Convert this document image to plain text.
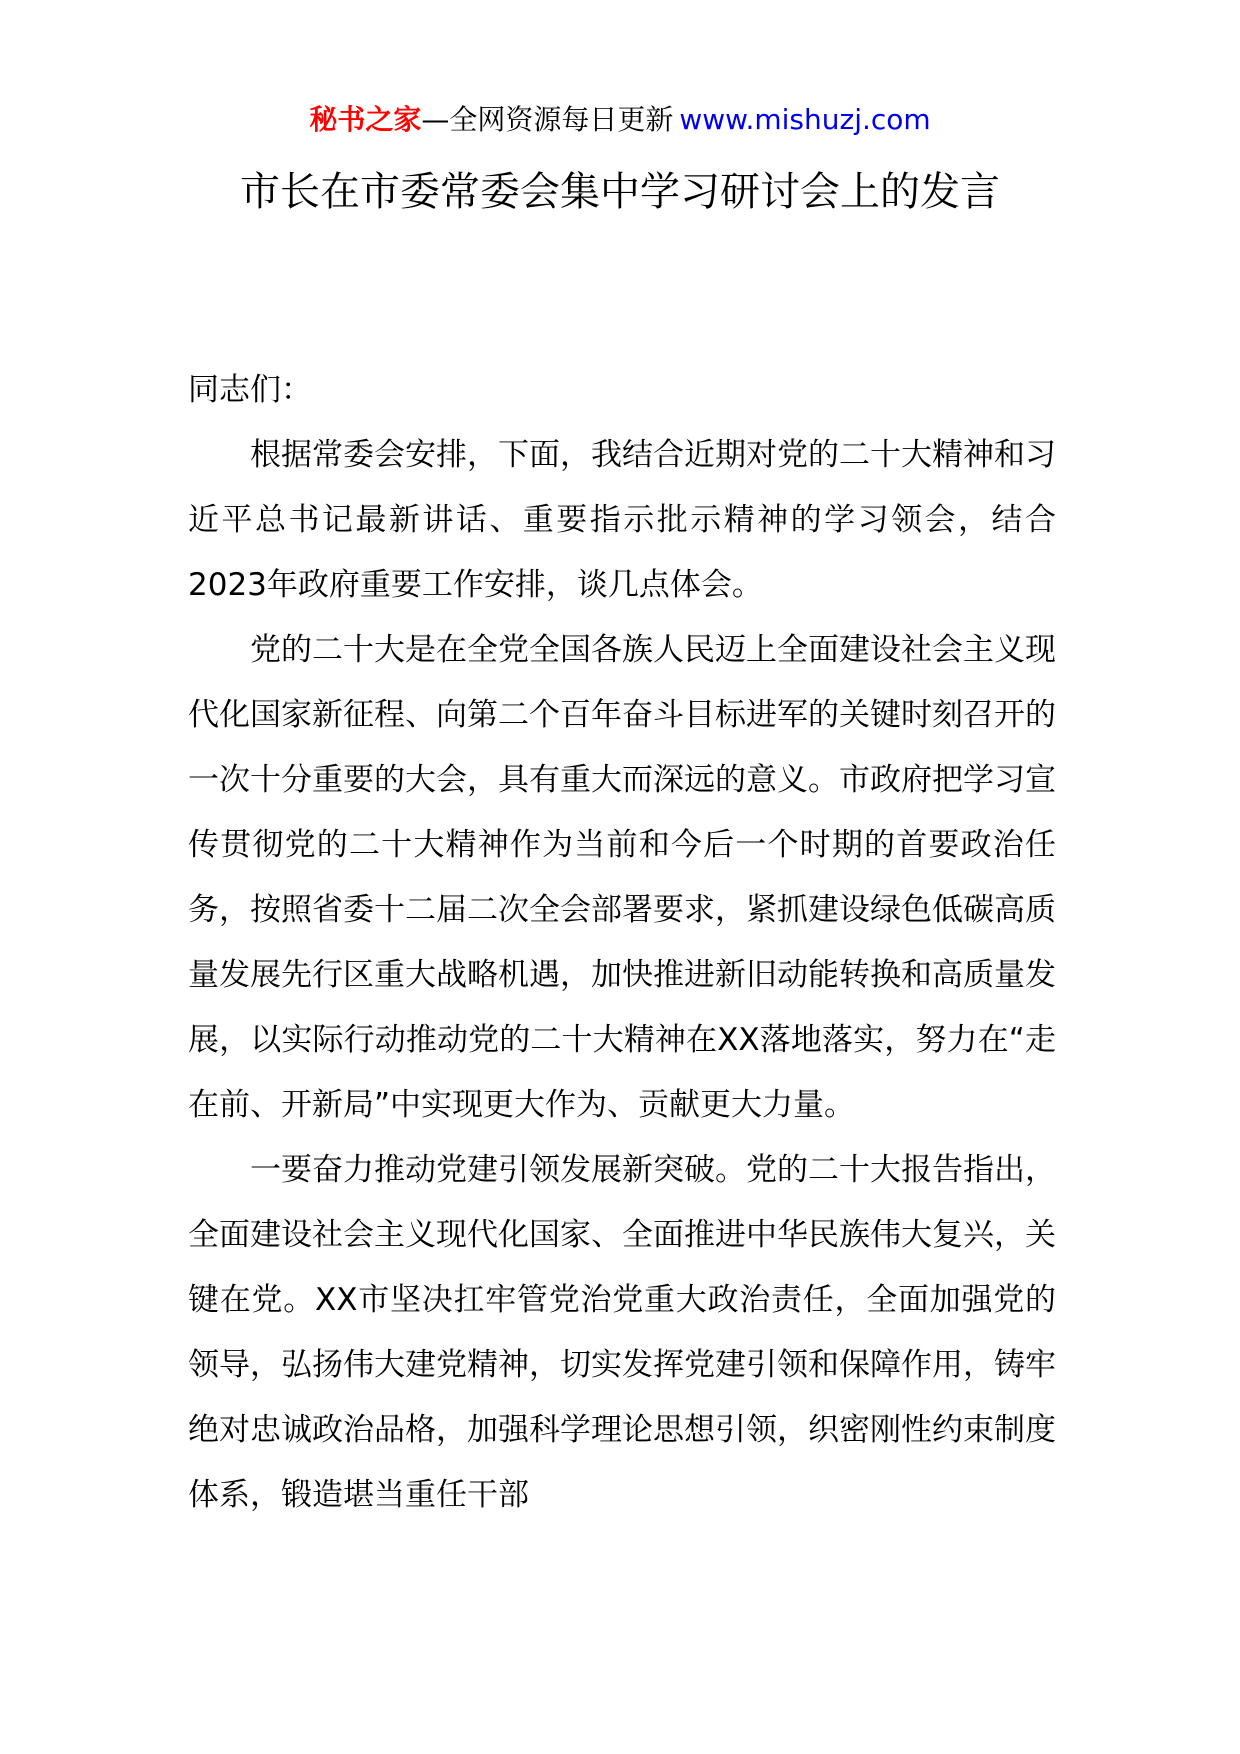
秘书之家—全网资源每日更新 www.mishuzj.com
市长在市委常委会集中学习研讨会上的发言

同志们：

根据常委会安排，下面，我结合近期对党的二十大精神和习近平总书记最新讲话、重要指示批示精神的学习领会，结合2023年政府重要工作安排，谈几点体会。

党的二十大是在全党全国各族人民迈上全面建设社会主义现代化国家新征程、向第二个百年奋斗目标进军的关键时刻召开的一次十分重要的大会，具有重大而深远的意义。市政府把学习宣传贯彻党的二十大精神作为当前和今后一个时期的首要政治任务，按照省委十二届二次全会部署要求，紧抓建设绿色低碳高质量发展先行区重大战略机遇，加快推进新旧动能转换和高质量发展，以实际行动推动党的二十大精神在XX落地落实，努力在“走在前、开新局”中实现更大作为、贡献更大力量。

一要奋力推动党建引领发展新突破。党的二十大报告指出，全面建设社会主义现代化国家、全面推进中华民族伟大复兴，关键在党。XX市坚决扛牢管党治党重大政治责任，全面加强党的领导，弘扬伟大建党精神，切实发挥党建引领和保障作用，铸牢绝对忠诚政治品格，加强科学理论思想引领，织密刚性约束制度体系，锻造堪当重任干部
